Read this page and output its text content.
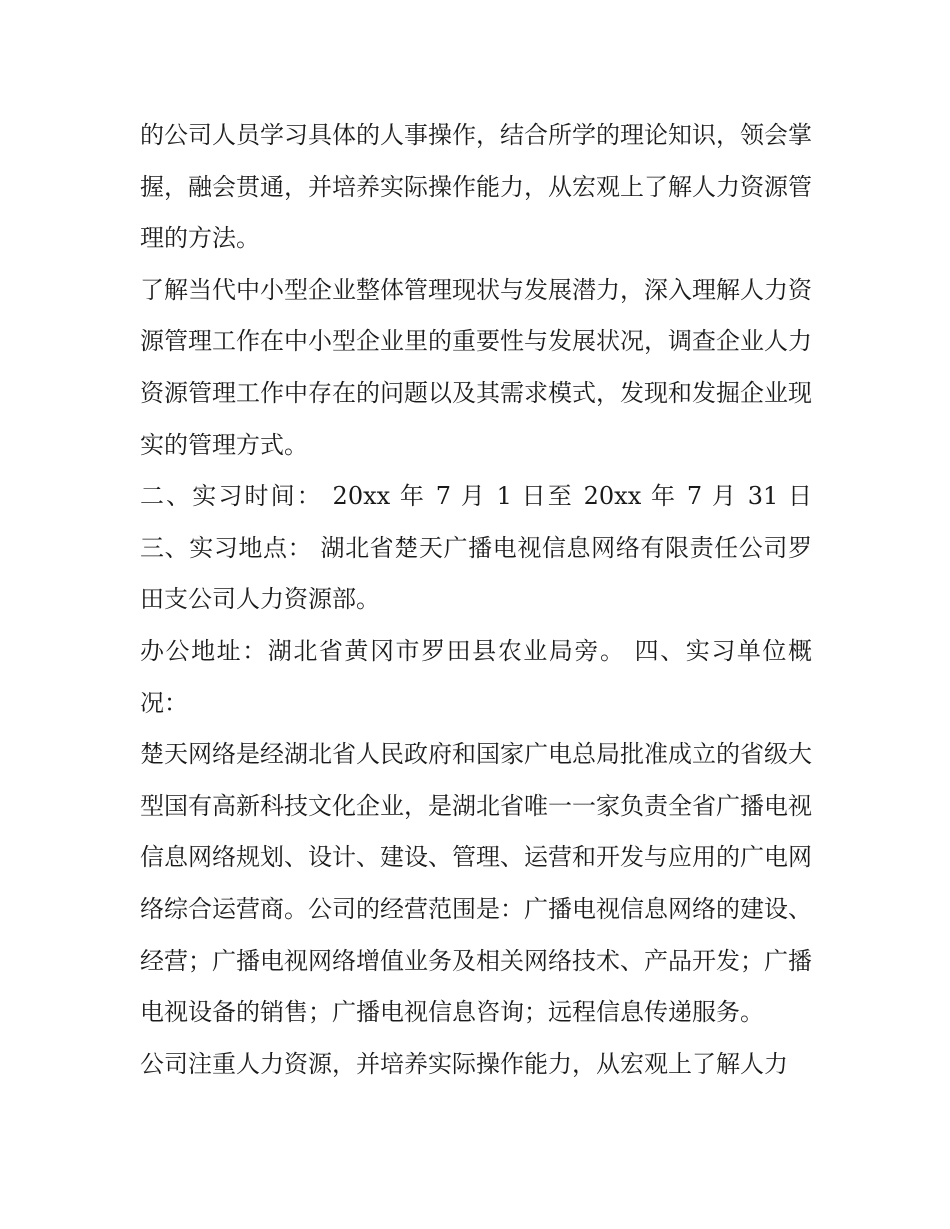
的公司人员学习具体的人事操作，结合所学的理论知识，领会掌握，融会贯通，并培养实际操作能力，从宏观上了解人力资源管理的方法。

了解当代中小型企业整体管理现状与发展潜力，深入理解人力资源管理工作在中小型企业里的重要性与发展状况，调查企业人力资源管理工作中存在的问题以及其需求模式，发现和发掘企业现实的管理方式。

二、实习时间： 20xx 年 7 月 1 日至 20xx 年 7 月 31 日 三、实习地点： 湖北省楚天广播电视信息网络有限责任公司罗田支公司人力资源部。

办公地址：湖北省黄冈市罗田县农业局旁。 四、实习单位概况：

楚天网络是经湖北省人民政府和国家广电总局批准成立的省级大型国有高新科技文化企业，是湖北省唯一一家负责全省广播电视信息网络规划、设计、建设、管理、运营和开发与应用的广电网络综合运营商。公司的经营范围是：广播电视信息网络的建设、经营；广播电视网络增值业务及相关网络技术、产品开发；广播电视设备的销售；广播电视信息咨询；远程信息传递服务。

公司注重人力资源，并培养实际操作能力，从宏观上了解人力
